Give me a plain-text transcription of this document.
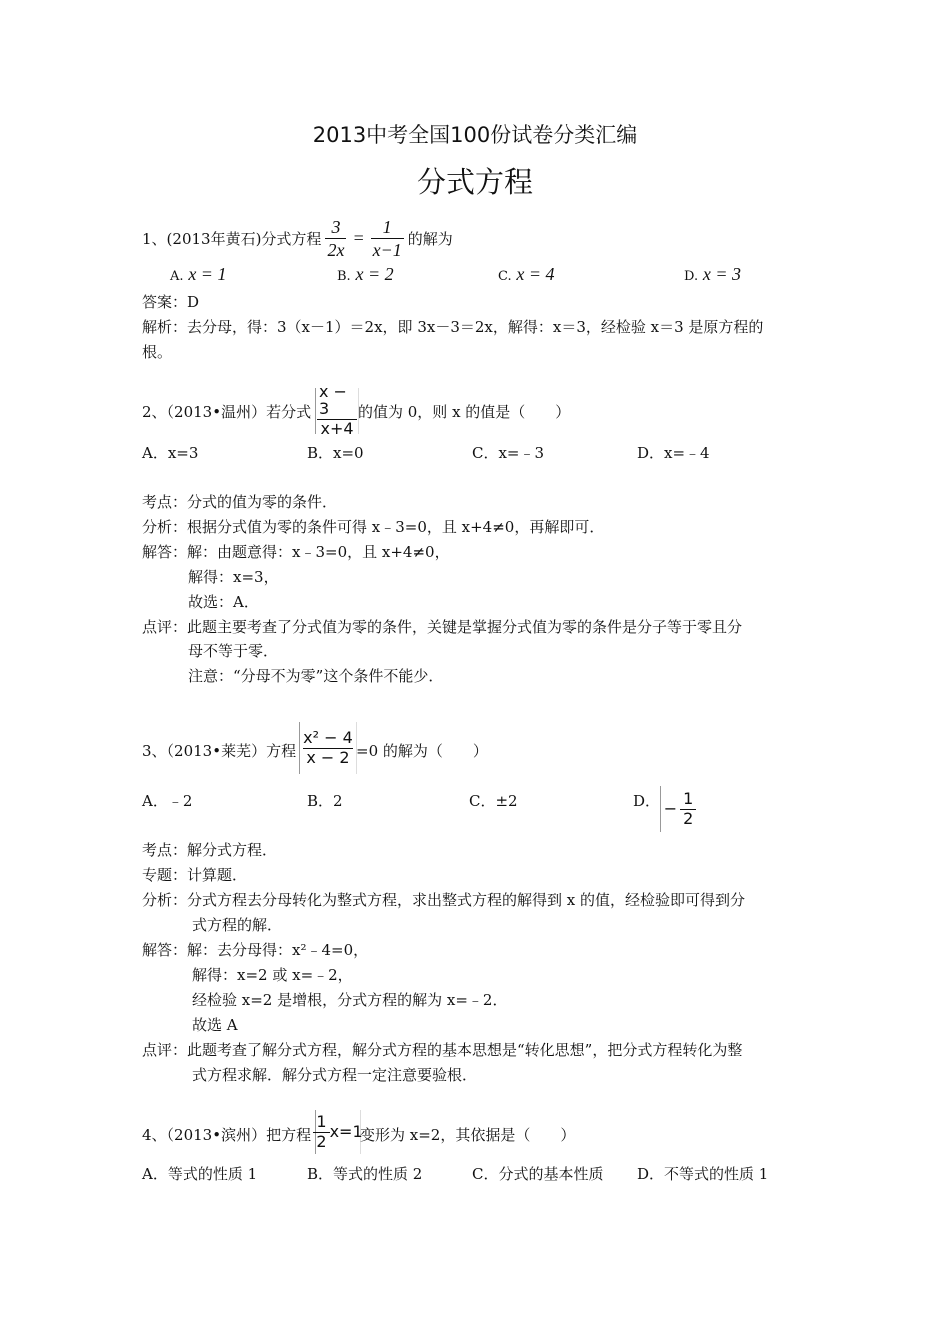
2013中考全国100份试卷分类汇编
分式方程
1、(2013年黄石)分式方程 $\frac{3}{2x} = \frac{1}{x-1}$ 的解为
A. x = 1	B. x = 2	C. x = 4	D. x = 3
答案：D
解析：去分母，得：3（x－1）＝2x，即 3x－3＝2x，解得：x＝3，经检验 x＝3 是原方程的
根。
2、（2013•温州）若分式 $\frac{x - 3}{x+4}$ 的值为 0，则 x 的值是（　　）
A．x=3	B．x=0	C．x=﹣3	D．x=﹣4
考点：分式的值为零的条件．
分析：根据分式值为零的条件可得 x﹣3=0，且 x+4≠0，再解即可．
解答：解：由题意得：x﹣3=0，且 x+4≠0，
解得：x=3，
故选：A．
点评：此题主要考查了分式值为零的条件，关键是掌握分式值为零的条件是分子等于零且分
母不等于零．
注意：“分母不为零”这个条件不能少．
3、（2013•莱芜）方程 $\frac{\text{x² − 4}}{x - 2} =0$ 的解为（　　）
A．﹣2	B．2	C．±2	D． − $\frac{1}{2}$
考点：解分式方程．
专题：计算题．
分析：分式方程去分母转化为整式方程，求出整式方程的解得到 x 的值，经检验即可得到分
式方程的解．
解答：解：去分母得：x²﹣4=0，
解得：x=2 或 x=﹣2，
经检验 x=2 是增根，分式方程的解为 x=﹣2．
故选 A
点评：此题考查了解分式方程，解分式方程的基本思想是“转化思想”，把分式方程转化为整
式方程求解．解分式方程一定注意要验根．
4、（2013•滨州）把方程 $\frac{1}{2} x=1$
变形为 x=2，其依据是（　　）
A．等式的性质 1	B．等式的性质 2	C．分式的基本性质 D．不等式的性质 1
